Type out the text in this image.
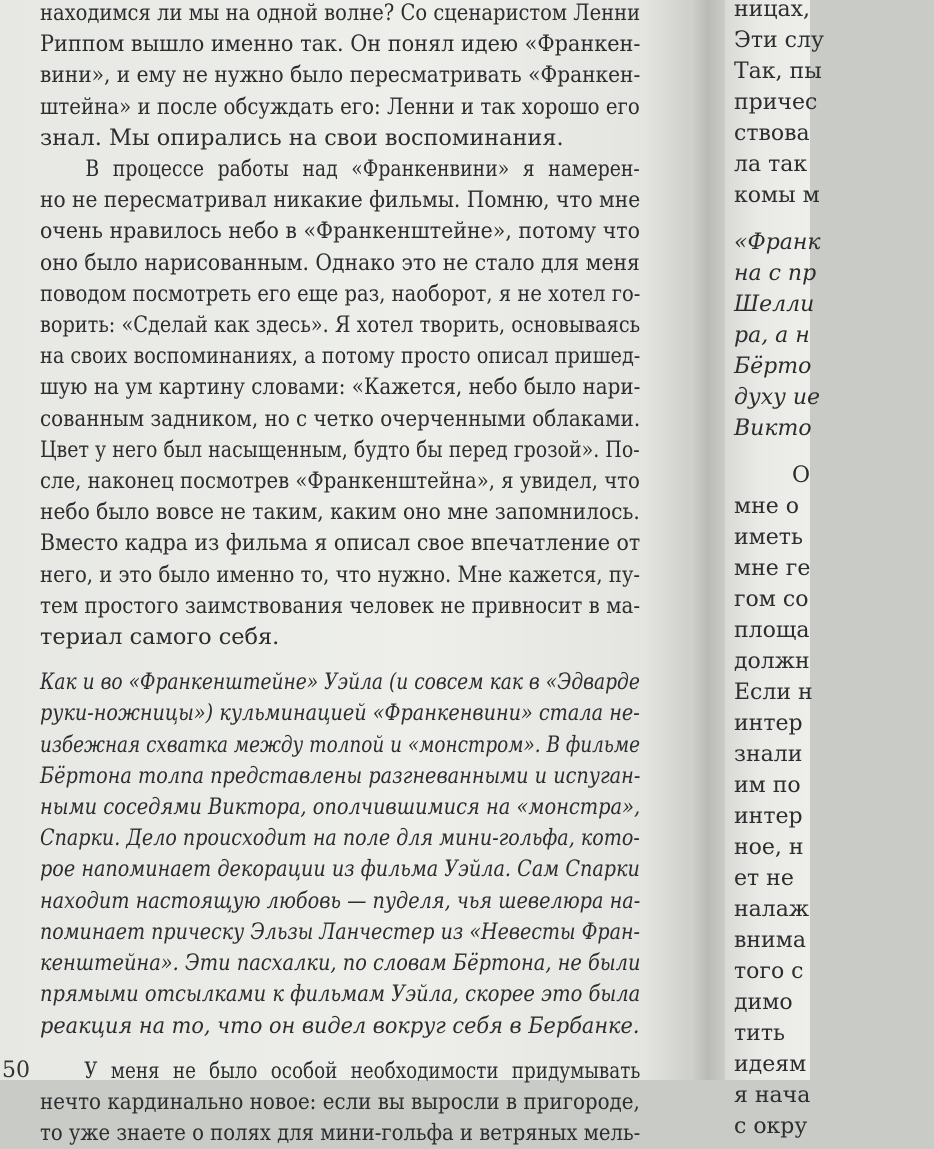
находимся ли мы на одной волне? Со сценаристом Ленни
Риппом вышло именно так. Он понял идею «Франкен-
вини», и ему не нужно было пересматривать «Франкен-
штейна» и после обсуждать его: Ленни и так хорошо его
знал. Мы опирались на свои воспоминания.
В процессе работы над «Франкенвини» я намерен-
но не пересматривал никакие фильмы. Помню, что мне
очень нравилось небо в «Франкенштейне», потому что
оно было нарисованным. Однако это не стало для меня
поводом посмотреть его еще раз, наоборот, я не хотел го-
ворить: «Сделай как здесь». Я хотел творить, основываясь
на своих воспоминаниях, а потому просто описал пришед-
шую на ум картину словами: «Кажется, небо было нари-
сованным задником, но с четко очерченными облаками.
Цвет у него был насыщенным, будто бы перед грозой». По-
сле, наконец посмотрев «Франкенштейна», я увидел, что
небо было вовсе не таким, каким оно мне запомнилось.
Вместо кадра из фильма я описал свое впечатление от
него, и это было именно то, что нужно. Мне кажется, пу-
тем простого заимствования человек не привносит в ма-
териал самого себя.
Как и во «Франкенштейне» Уэйла (и совсем как в «Эдварде
руки-ножницы») кульминацией «Франкенвини» стала не-
избежная схватка между толпой и «монстром». В фильме
Бёртона толпа представлены разгневанными и испуган-
ными соседями Виктора, ополчившимися на «монстра»,
Спарки. Дело происходит на поле для мини-гольфа, кото-
рое напоминает декорации из фильма Уэйла. Сам Спарки
находит настоящую любовь — пуделя, чья шевелюра на-
поминает прическу Эльзы Ланчестер из «Невесты Фран-
кенштейна». Эти пасхалки, по словам Бёртона, не были
прямыми отсылками к фильмам Уэйла, скорее это была
реакция на то, что он видел вокруг себя в Бербанке.
У меня не было особой необходимости придумывать
нечто кардинально новое: если вы выросли в пригороде,
то уже знаете о полях для мини-гольфа и ветряных мель-
50
ницах,
Эти слу
Так, пы
причес
ствова
ла так
комы м
«Франк
на с пр
Шелли
ра, а н
Бёрто
духу ие
Викто
О
мне о
иметь
мне ге
гом со
площа
должн
Если н
интер
знали
им по
интер
ное, н
ет не
налаж
внима
того с
димо
тить
идеям
я нача
с окру
